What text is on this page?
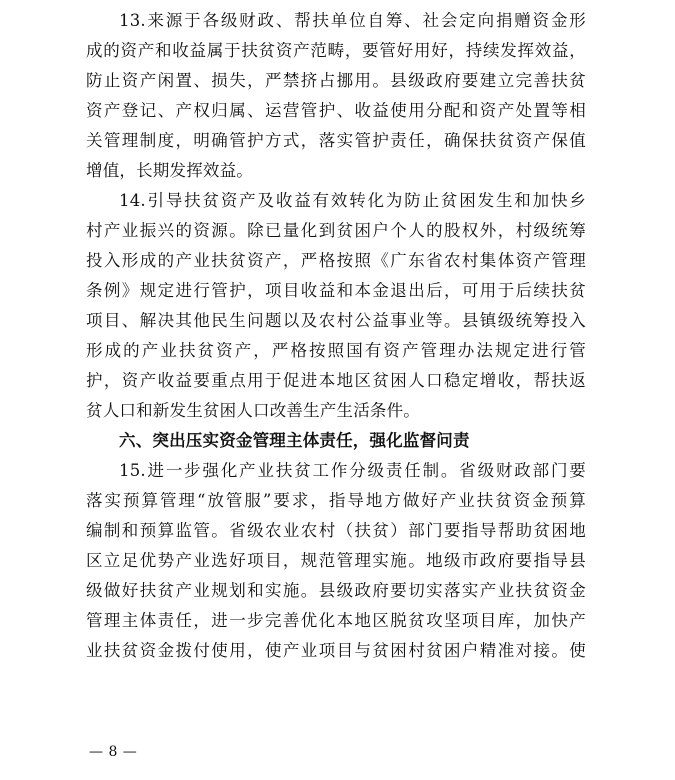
13.来源于各级财政、帮扶单位自筹、社会定向捐赠资金形
成的资产和收益属于扶贫资产范畴，要管好用好，持续发挥效益，
防止资产闲置、损失，严禁挤占挪用。县级政府要建立完善扶贫
资产登记、产权归属、运营管护、收益使用分配和资产处置等相
关管理制度，明确管护方式，落实管护责任，确保扶贫资产保值
增值，长期发挥效益。
14.引导扶贫资产及收益有效转化为防止贫困发生和加快乡
村产业振兴的资源。除已量化到贫困户个人的股权外，村级统筹
投入形成的产业扶贫资产，严格按照《广东省农村集体资产管理
条例》规定进行管护，项目收益和本金退出后，可用于后续扶贫
项目、解决其他民生问题以及农村公益事业等。县镇级统筹投入
形成的产业扶贫资产，严格按照国有资产管理办法规定进行管
护，资产收益要重点用于促进本地区贫困人口稳定增收，帮扶返
贫人口和新发生贫困人口改善生产生活条件。
六、突出压实资金管理主体责任，强化监督问责
15.进一步强化产业扶贫工作分级责任制。省级财政部门要
落实预算管理“放管服”要求，指导地方做好产业扶贫资金预算
编制和预算监管。省级农业农村（扶贫）部门要指导帮助贫困地
区立足优势产业选好项目，规范管理实施。地级市政府要指导县
级做好扶贫产业规划和实施。县级政府要切实落实产业扶贫资金
管理主体责任，进一步完善优化本地区脱贫攻坚项目库，加快产
业扶贫资金拨付使用，使产业项目与贫困村贫困户精准对接。使
— 8 —
